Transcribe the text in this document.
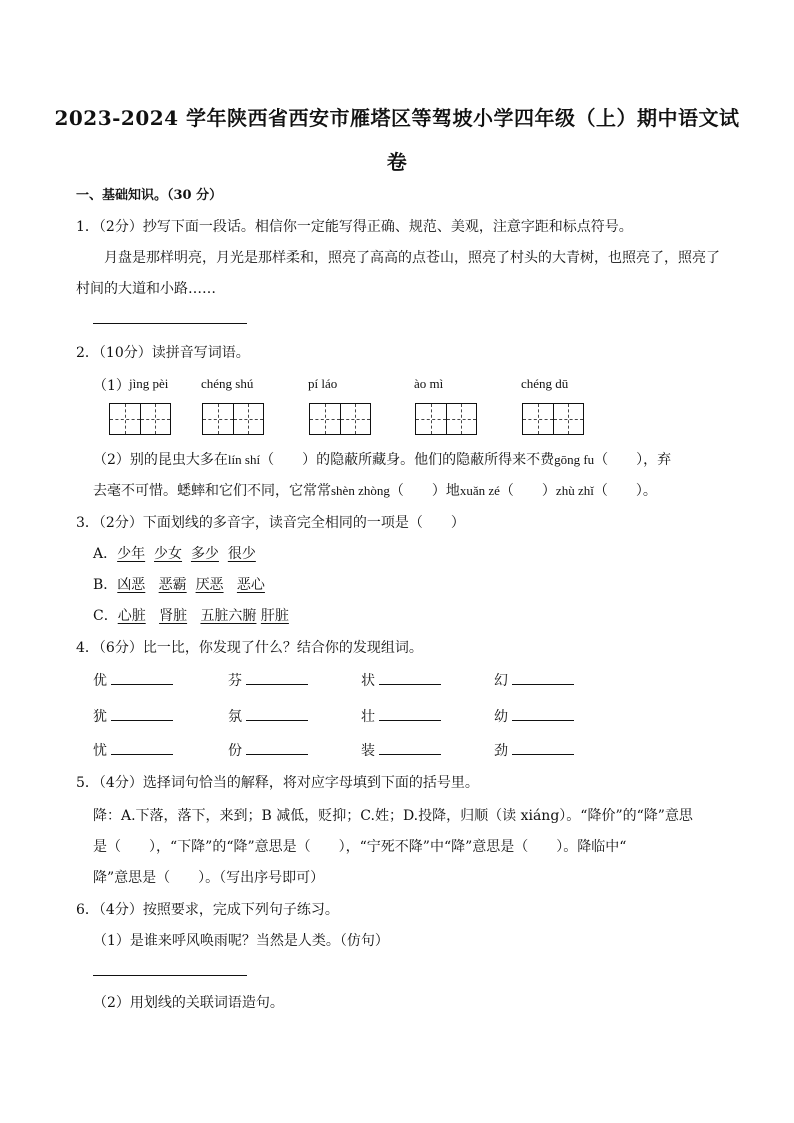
2023-2024 学年陕西省西安市雁塔区等驾坡小学四年级（上）期中语文试
卷
一、基础知识。（30 分）
1．（2分）抄写下面一段话。相信你一定能写得正确、规范、美观，注意字距和标点符号。
月盘是那样明亮，月光是那样柔和，照亮了高高的点苍山，照亮了村头的大青树，也照亮了，照亮了
村间的大道和小路……
2．（10分）读拼音写词语。
（1） jìng pèi	chéng shú	pí láo	ào mì	chéng dū
（2）别的昆虫大多在lín shí（　　）的隐蔽所藏身。他们的隐蔽所得来不费gōng fu（　　），弃
去毫不可惜。蟋蟀和它们不同，它常常shèn zhòng（　　）地xuǎn zé（　　）zhù zhǐ（　　）。
3．（2分）下面划线的多音字，读音完全相同的一项是（　　）
A．少年 少女 多少 很少
B．凶恶 恶霸 厌恶 恶心
C．心脏 肾脏 五脏六腑 肝脏
4．（6分）比一比，你发现了什么？结合你的发现组词。
优	芬	状	幻
犹	氛	壮	幼
忧	份	装	劲
5．（4分）选择词句恰当的解释，将对应字母填到下面的括号里。
降：A.下落，落下，来到；B 减低，贬抑；C.姓；D.投降，归顺（读 xiáng）。“降价”的“降”意思
是（　　），“下降”的“降”意思是（　　），“宁死不降”中“降”意思是（　　）。降临中“
降”意思是（　　）。（写出序号即可）
6．（4分）按照要求，完成下列句子练习。
（1）是谁来呼风唤雨呢？当然是人类。（仿句）
（2）用划线的关联词语造句。
